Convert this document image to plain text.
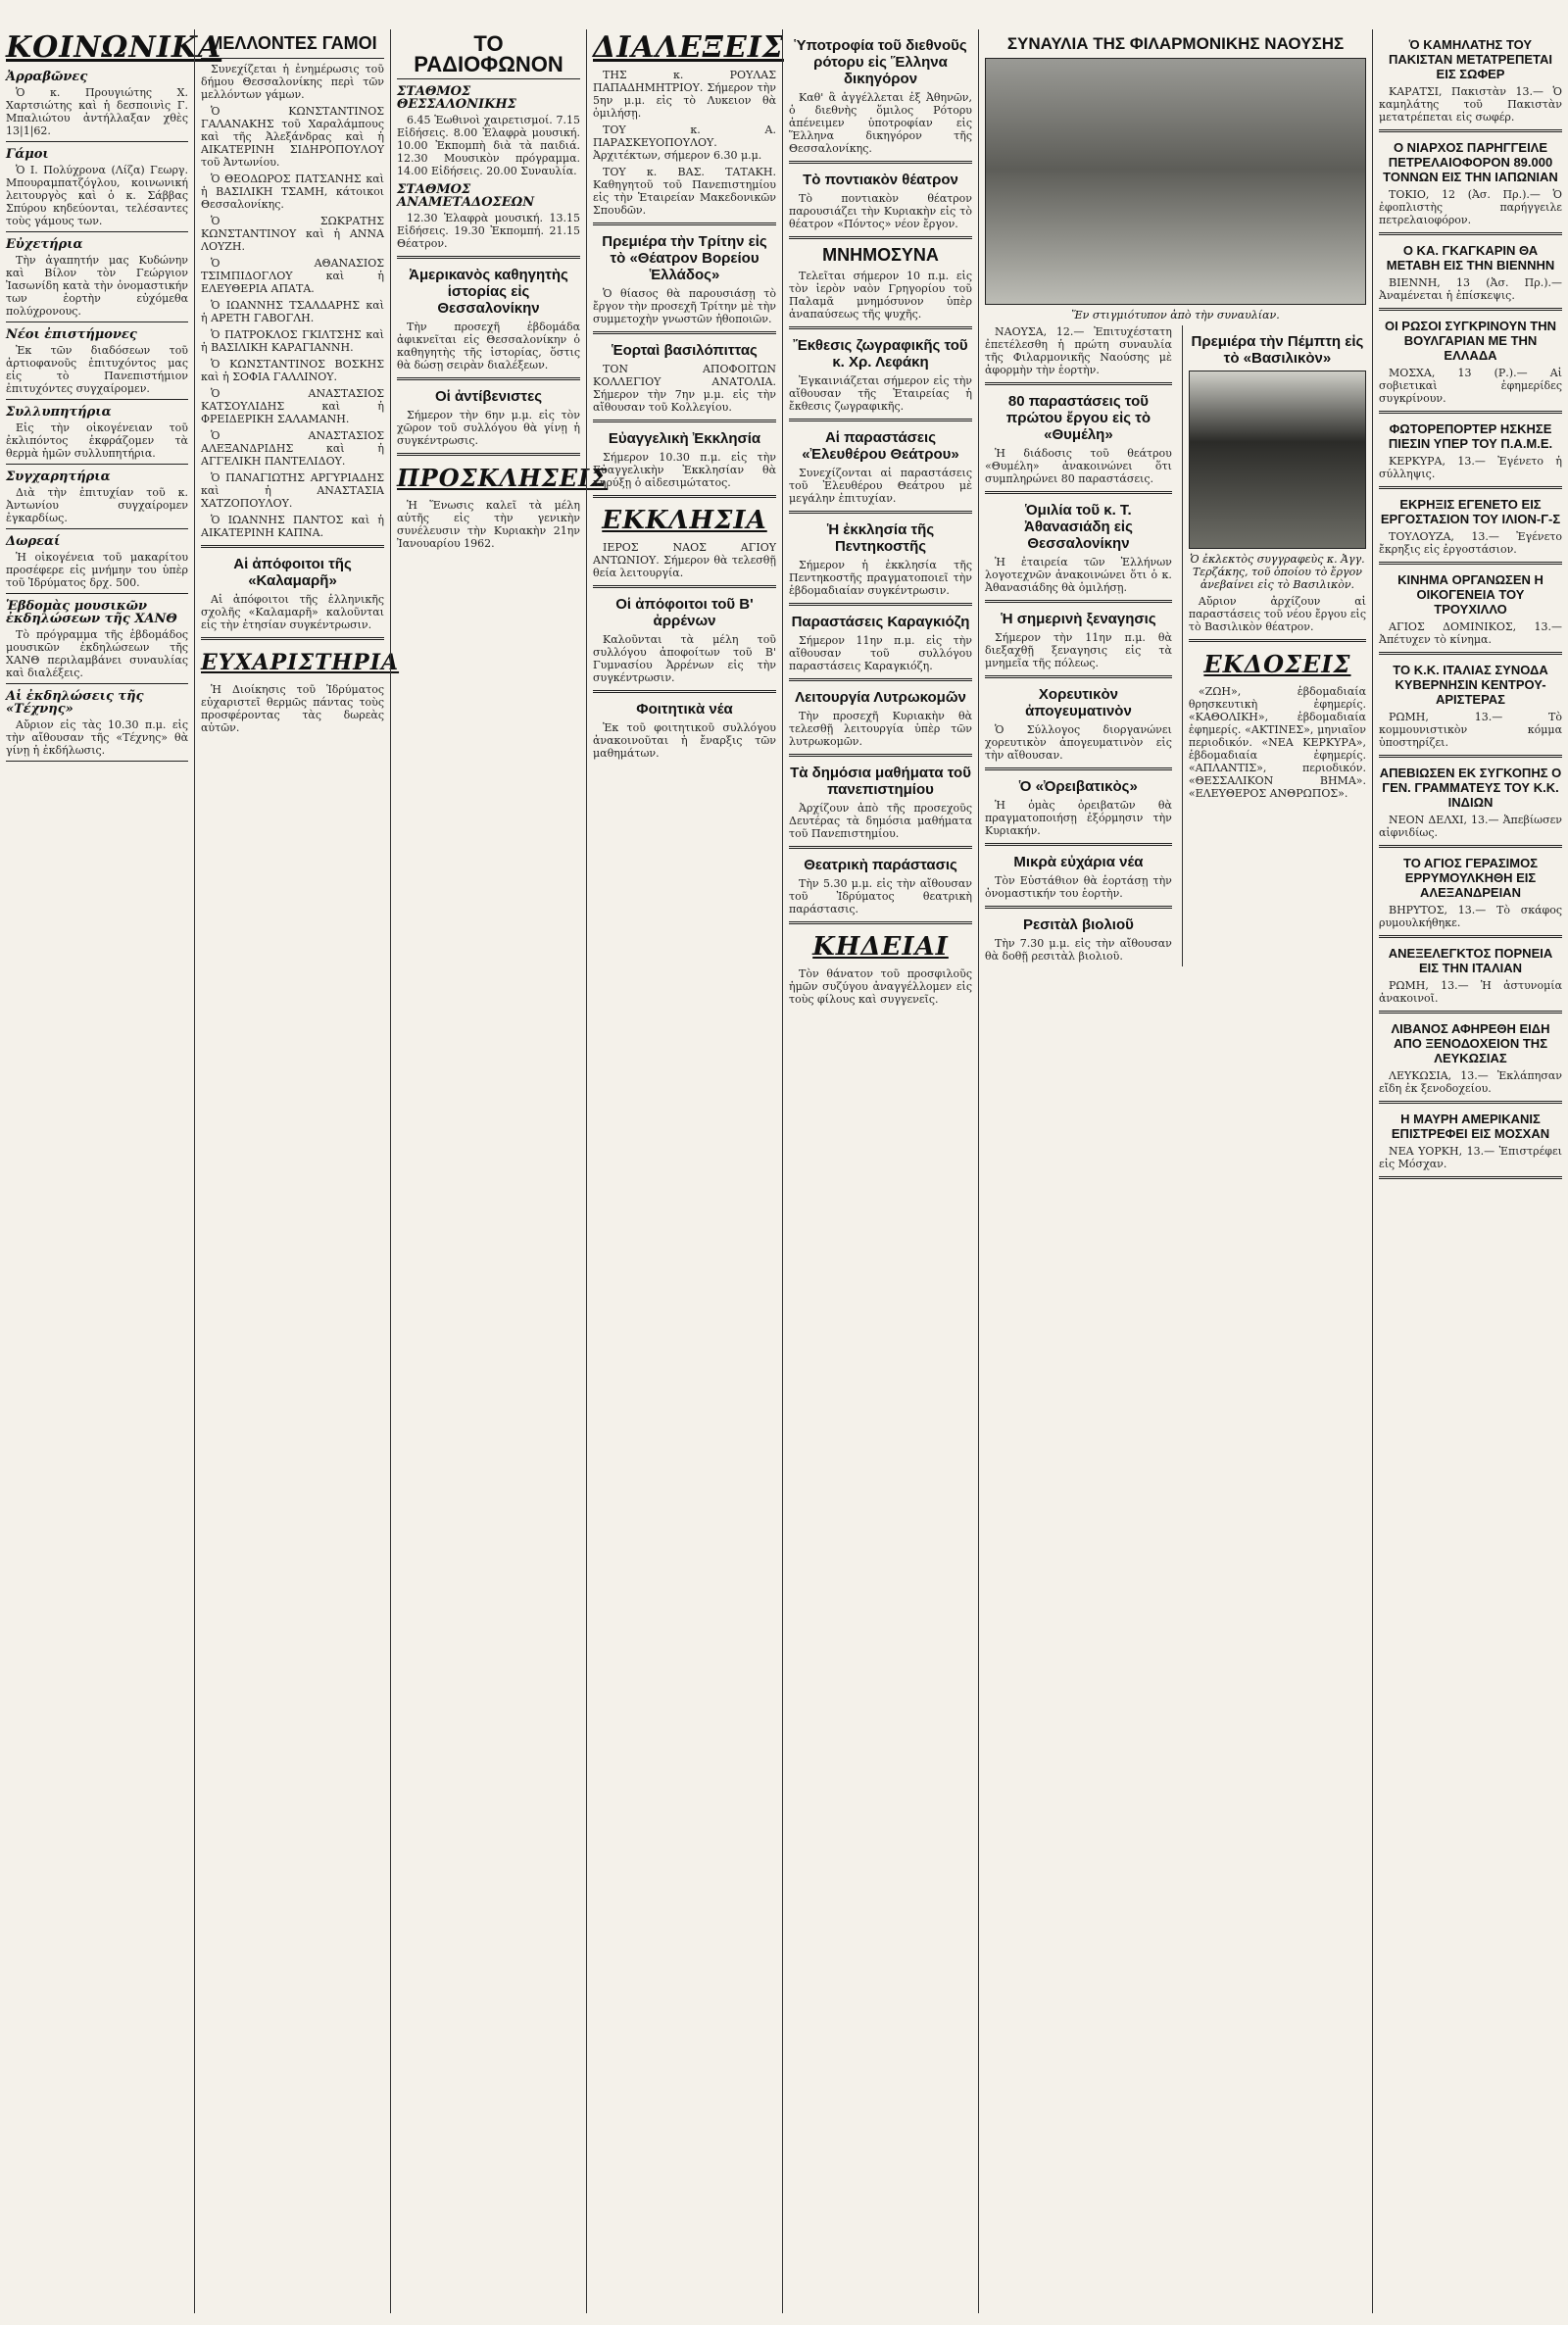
ΚΟΙΝΩΝΙΚΑ
Ἀρραβῶνες

Ὁ κ. Προυγιώτης Χ. Χαρτσιώτης καὶ ἡ δεσποινὶς Γ. Μπαλιώτου ἀντήλλαξαν χθὲς 13|1|62.

Γάμοι

Ὁ Ι. Πολύχρονα (Λίζα) Γεωργ. Μπουραμπατζόγλου, κοινωνική λειτουργὸς καὶ ὁ κ. Σάββας Σπύρου κηδεύονται, τελέσαντες τοὺς γάμους των.

Εὐχετήρια

Τὴν ἀγαπητήν μας Κυδώνην καὶ Βίλον τὸν Γεώργιον Ἰασωνίδη κατὰ τὴν ὀνομαστικήν των ἑορτὴν εὐχόμεθα πολύχρονους.

Νέοι ἐπιστήμονες

Ἐκ τῶν διαδόσεων τοῦ ἀρτιοφανοῦς ἐπιτυχόντος μας εἰς τὸ Πανεπιστήμιον ἐπιτυχόντες συγχαίρομεν.

Συλλυπητήρια

Εἰς τὴν οἰκογένειαν τοῦ ἐκλιπόντος ἐκφράζομεν τὰ θερμὰ ἡμῶν συλλυπητήρια.

Συγχαρητήρια

Διὰ τὴν ἐπιτυχίαν τοῦ κ. Ἀντωνίου συγχαίρομεν ἐγκαρδίως.

Δωρεαί

Ἡ οἰκογένεια τοῦ μακαρίτου προσέφερε εἰς μνήμην του ὑπὲρ τοῦ Ἰδρύματος δρχ. 500.

Ἑβδομὰς μουσικῶν ἐκδηλώσεων τῆς ΧΑΝΘ

Τὸ πρόγραμμα τῆς ἑβδομάδος μουσικῶν ἐκδηλώσεων τῆς ΧΑΝΘ περιλαμβάνει συναυλίας καὶ διαλέξεις.

Αἱ ἐκδηλώσεις τῆς «Τέχνης»

Αὔριον εἰς τὰς 10.30 π.μ. εἰς τὴν αἴθουσαν τῆς «Τέχνης» θὰ γίνῃ ἡ ἐκδήλωσις.

ΜΕΛΛΟΝΤΕΣ ΓΑΜΟΙ

Συνεχίζεται ἡ ἐνημέρωσις τοῦ δήμου Θεσσαλονίκης περὶ τῶν μελλόντων γάμων.

Ὁ ΚΩΝΣΤΑΝΤΙΝΟΣ ΓΑΛΑΝΑΚΗΣ τοῦ Χαραλάμπους καὶ τῆς Ἀλεξάνδρας καὶ ἡ ΑΙΚΑΤΕΡΙΝΗ ΣΙΔΗΡΟΠΟΥΛΟΥ τοῦ Ἀντωνίου.

Ὁ ΘΕΟΔΩΡΟΣ ΠΑΤΣΑΝΗΣ καὶ ἡ ΒΑΣΙΛΙΚΗ ΤΣΑΜΗ, κάτοικοι Θεσσαλονίκης.

Ὁ ΣΩΚΡΑΤΗΣ ΚΩΝΣΤΑΝΤΙΝΟΥ καὶ ἡ ΑΝΝΑ ΛΟΥΖΗ.

Ὁ ΑΘΑΝΑΣΙΟΣ ΤΣΙΜΠΙΔΟΓΛΟΥ καὶ ἡ ΕΛΕΥΘΕΡΙΑ ΑΠΑΤΑ.

Ὁ ΙΩΑΝΝΗΣ ΤΣΑΛΔΑΡΗΣ καὶ ἡ ΑΡΕΤΗ ΓΑΒΟΓΛΗ.

Ὁ ΠΑΤΡΟΚΛΟΣ ΓΚΙΛΤΣΗΣ καὶ ἡ ΒΑΣΙΛΙΚΗ ΚΑΡΑΓΙΑΝΝΗ.

Ὁ ΚΩΝΣΤΑΝΤΙΝΟΣ ΒΟΣΚΗΣ καὶ ἡ ΣΟΦΙΑ ΓΑΛΛΙΝΟΥ.

Ὁ ΑΝΑΣΤΑΣΙΟΣ ΚΑΤΣΟΥΛΙΔΗΣ καὶ ἡ ΦΡΕΙΔΕΡΙΚΗ ΣΑΛΑΜΑΝΗ.

Ὁ ΑΝΑΣΤΑΣΙΟΣ ΑΛΕΞΑΝΔΡΙΔΗΣ καὶ ἡ ΑΓΓΕΛΙΚΗ ΠΑΝΤΕΛΙΔΟΥ.

Ὁ ΠΑΝΑΓΙΩΤΗΣ ΑΡΓΥΡΙΑΔΗΣ καὶ ἡ ΑΝΑΣΤΑΣΙΑ ΧΑΤΖΟΠΟΥΛΟΥ.

Ὁ ΙΩΑΝΝΗΣ ΠΑΝΤΟΣ καὶ ἡ ΑΙΚΑΤΕΡΙΝΗ ΚΑΠΝΑ.

Αἱ ἀπόφοιτοι τῆς «Καλαμαρῆ»

Αἱ ἀπόφοιτοι τῆς ἑλληνικῆς σχολῆς «Καλαμαρῆ» καλοῦνται εἰς τὴν ἐτησίαν συγκέντρωσιν.

ΕΥΧΑΡΙΣΤΗΡΙΑ

Ἡ Διοίκησις τοῦ Ἱδρύματος εὐχαριστεῖ θερμῶς πάντας τοὺς προσφέροντας τὰς δωρεὰς αὐτῶν.

ΤΟ ΡΑΔΙΟΦΩΝΟΝ
ΣΤΑΘΜΟΣ ΘΕΣΣΑΛΟΝΙΚΗΣ

6.45 Ἑωθινοὶ χαιρετισμοί. 7.15 Εἰδήσεις. 8.00 Ἐλαφρὰ μουσική. 10.00 Ἐκπομπὴ διὰ τὰ παιδιά. 12.30 Μουσικὸν πρόγραμμα. 14.00 Εἰδήσεις. 20.00 Συναυλία.

ΣΤΑΘΜΟΣ ΑΝΑΜΕΤΑΔΟΣΕΩΝ

12.30 Ἑλαφρὰ μουσική. 13.15 Εἰδήσεις. 19.30 Ἐκπομπή. 21.15 Θέατρον.

Ἀμερικανὸς καθηγητὴς ἱστορίας εἰς Θεσσαλονίκην

Τὴν προσεχῆ ἑβδομάδα ἀφικνεῖται εἰς Θεσσαλονίκην ὁ καθηγητὴς τῆς ἱστορίας, ὅστις θὰ δώσῃ σειρὰν διαλέξεων.

Οἱ ἀντίβενιστες

Σήμερον τὴν 6ην μ.μ. εἰς τὸν χῶρον τοῦ συλλόγου θὰ γίνῃ ἡ συγκέντρωσις.

ΠΡΟΣΚΛΗΣΕΙΣ

Ἡ Ἕνωσις καλεῖ τὰ μέλη αὐτῆς εἰς τὴν γενικὴν συνέλευσιν τὴν Κυριακὴν 21ην Ἰανουαρίου 1962.

ΔΙΑΛΕΞΕΙΣ

ΤΗΣ κ. ΡΟΥΛΑΣ ΠΑΠΑΔΗΜΗΤΡΙΟΥ. Σήμερον τὴν 5ην μ.μ. εἰς τὸ Λυκειον θὰ ὁμιλήσῃ.

ΤΟΥ κ. Α. ΠΑΡΑΣΚΕΥΟΠΟΥΛΟΥ. Ἀρχιτέκτων, σήμερον 6.30 μ.μ.

ΤΟΥ κ. ΒΑΣ. ΤΑΤΑΚΗ. Καθηγητοῦ τοῦ Πανεπιστημίου εἰς τὴν Ἑταιρείαν Μακεδονικῶν Σπουδῶν.

Πρεμιέρα τὴν Τρίτην εἰς τὸ «Θέατρον Βορείου Ἑλλάδος»

Ὁ θίασος θὰ παρουσιάσῃ τὸ ἔργον τὴν προσεχῆ Τρίτην μὲ τὴν συμμετοχὴν γνωστῶν ἠθοποιῶν.

Ἑορταὶ βασιλόπιττας

ΤΟΝ ΑΠΟΦΟΙΤΩΝ ΚΟΛΛΕΓΙΟΥ ΑΝΑΤΟΛΙΑ. Σήμερον τὴν 7ην μ.μ. εἰς τὴν αἴθουσαν τοῦ Κολλεγίου.

Εὐαγγελικὴ Ἐκκλησία

Σήμερον 10.30 π.μ. εἰς τὴν Εὐαγγελικὴν Ἐκκλησίαν θὰ κηρύξῃ ὁ αἰδεσιμώτατος.

ΕΚΚΛΗΣΙΑ

ΙΕΡΟΣ ΝΑΟΣ ΑΓΙΟΥ ΑΝΤΩΝΙΟΥ. Σήμερον θὰ τελεσθῇ θεία λειτουργία.

Οἱ ἀπόφοιτοι τοῦ Β' ἀρρένων

Καλοῦνται τὰ μέλη τοῦ συλλόγου ἀποφοίτων τοῦ Β' Γυμνασίου Ἀρρένων εἰς τὴν συγκέντρωσιν.

Φοιτητικὰ νέα

Ἐκ τοῦ φοιτητικοῦ συλλόγου ἀνακοινοῦται ἡ ἔναρξις τῶν μαθημάτων.

Ὑποτροφία τοῦ διεθνοῦς ρότορυ εἰς Ἕλληνα δικηγόρον

Καθ' ἃ ἀγγέλλεται ἐξ Ἀθηνῶν, ὁ διεθνὴς ὅμιλος Ρότορυ ἀπένειμεν ὑποτροφίαν εἰς Ἕλληνα δικηγόρον τῆς Θεσσαλονίκης.

Τὸ ποντιακὸν θέατρον

Τὸ ποντιακὸν θέατρον παρουσιάζει τὴν Κυριακὴν εἰς τὸ θέατρον «Πόντος» νέον ἔργον.

ΜΝΗΜΟΣΥΝΑ

Τελεῖται σήμερον 10 π.μ. εἰς τὸν ἱερὸν ναὸν Γρηγορίου τοῦ Παλαμᾶ μνημόσυνον ὑπὲρ ἀναπαύσεως τῆς ψυχῆς.

Ἔκθεσις ζωγραφικῆς τοῦ κ. Χρ. Λεφάκη

Ἐγκαινιάζεται σήμερον εἰς τὴν αἴθουσαν τῆς Ἑταιρείας ἡ ἔκθεσις ζωγραφικῆς.

Αἱ παραστάσεις «Ἐλευθέρου Θεάτρου»

Συνεχίζονται αἱ παραστάσεις τοῦ Ἐλευθέρου Θεάτρου μὲ μεγάλην ἐπιτυχίαν.

Ἡ ἐκκλησία τῆς Πεντηκοστῆς

Σήμερον ἡ ἐκκλησία τῆς Πεντηκοστῆς πραγματοποιεῖ τὴν ἑβδομαδιαίαν συγκέντρωσιν.

Παραστάσεις Καραγκιόζη

Σήμερον 11ην π.μ. εἰς τὴν αἴθουσαν τοῦ συλλόγου παραστάσεις Καραγκιόζη.

Λειτουργία Λυτρωκομῶν

Τὴν προσεχῆ Κυριακὴν θὰ τελεσθῇ λειτουργία ὑπὲρ τῶν λυτρωκομῶν.

Τὰ δημόσια μαθήματα τοῦ πανεπιστημίου

Ἀρχίζουν ἀπὸ τῆς προσεχοῦς Δευτέρας τὰ δημόσια μαθήματα τοῦ Πανεπιστημίου.

Θεατρικὴ παράστασις

Τὴν 5.30 μ.μ. εἰς τὴν αἴθουσαν τοῦ Ἰδρύματος θεατρικὴ παράστασις.

ΚΗΔΕΙΑΙ

Τὸν θάνατον τοῦ προσφιλοῦς ἡμῶν συζύγου ἀναγγέλλομεν εἰς τοὺς φίλους καὶ συγγενεῖς.

ΣΥΝΑΥΛΙΑ ΤΗΣ ΦΙΛΑΡΜΟΝΙΚΗΣ ΝΑΟΥΣΗΣ
Ἕν στιγμιότυπον ἀπὸ τὴν συναυλίαν.

ΝΑΟΥΣΑ, 12.— Ἐπιτυχέστατη ἐπετέλεσθη ἡ πρώτη συναυλία τῆς Φιλαρμονικῆς Ναούσης μὲ ἀφορμὴν τὴν ἑορτὴν.

80 παραστάσεις τοῦ πρώτου ἔργου εἰς τὸ «Θυμέλη»

Ἡ διάδοσις τοῦ θεάτρου «Θυμέλη» ἀνακοινώνει ὅτι συμπληρώνει 80 παραστάσεις.

Ὁμιλία τοῦ κ. Τ. Ἀθανασιάδη εἰς Θεσσαλονίκην

Ἡ ἐταιρεία τῶν Ἑλλήνων λογοτεχνῶν ἀνακοινώνει ὅτι ὁ κ. Ἀθανασιάδης θὰ ὁμιλήσῃ.

Ἡ σημερινὴ ξεναγησις

Σήμερον τὴν 11ην π.μ. θὰ διεξαχθῇ ξεναγησις εἰς τὰ μνημεῖα τῆς πόλεως.

Χορευτικὸν ἀπογευματινὸν

Ὁ Σύλλογος διοργανώνει χορευτικὸν ἀπογευματινὸν εἰς τὴν αἴθουσαν.

Ὁ «Ὀρειβατικὸς»

Ἡ ὁμὰς ὀρειβατῶν θὰ πραγματοποιήσῃ ἐξόρμησιν τὴν Κυριακήν.

Μικρὰ εὐχάρια νέα

Τὸν Εὐστάθιον θὰ ἑορτάσῃ τὴν ὀνομαστικήν του ἑορτὴν.

Ρεσιτὰλ βιολιοῦ

Τὴν 7.30 μ.μ. εἰς τὴν αἴθουσαν θὰ δοθῇ ρεσιτὰλ βιολιοῦ.

Πρεμιέρα τὴν Πέμπτη εἰς τὸ «Βασιλικὸν»
Ὁ ἐκλεκτὸς συγγραφεὺς κ. Ἀγγ. Τερζάκης, τοῦ ὁποίου τὸ ἔργον ἀνεβαίνει εἰς τὸ Βασιλικὸν.

Αὔριον ἀρχίζουν αἱ παραστάσεις τοῦ νέου ἔργου εἰς τὸ Βασιλικὸν θέατρον.

ΕΚΔΟΣΕΙΣ

«ΖΩΗ», ἑβδομαδιαία θρησκευτικὴ ἐφημερίς. «ΚΑΘΟΛΙΚΗ», ἑβδομαδιαία ἐφημερίς. «ΑΚΤΙΝΕΣ», μηνιαῖον περιοδικόν. «ΝΕΑ ΚΕΡΚΥΡΑ», ἑβδομαδιαία ἐφημερίς. «ΑΠΛΑΝΤΙΣ», περιοδικόν. «ΘΕΣΣΑΛΙΚΟΝ ΒΗΜΑ». «ΕΛΕΥΘΕΡΟΣ ΑΝΘΡΩΠΟΣ».

Ὁ ΚΑΜΗΛΑΤΗΣ ΤΟΥ ΠΑΚΙΣΤΑΝ ΜΕΤΑΤΡΕΠΕΤΑΙ ΕΙΣ ΣΩΦΕΡ

ΚΑΡΑΤΣΙ, Πακιστὰν 13.— Ὁ καμηλάτης τοῦ Πακιστὰν μετατρέπεται εἰς σωφέρ.

Ο ΝΙΑΡΧΟΣ ΠΑΡΗΓΓΕΙΛΕ ΠΕΤΡΕΛΑΙΟΦΟΡΟΝ 89.000 ΤΟΝΝΩΝ ΕΙΣ ΤΗΝ ΙΑΠΩΝΙΑΝ

ΤΟΚΙΟ, 12 (Ἀσ. Πρ.).— Ὁ ἐφοπλιστὴς παρήγγειλε πετρελαιοφόρον.

Ο ΚΑ. ΓΚΑΓΚΑΡΙΝ ΘΑ ΜΕΤΑΒΗ ΕΙΣ ΤΗΝ ΒΙΕΝΝΗΝ

ΒΙΕΝΝΗ, 13 (Ἀσ. Πρ.).— Ἀναμένεται ἡ ἐπίσκεψις.

ΟΙ ΡΩΣΟΙ ΣΥΓΚΡΙΝΟΥΝ ΤΗΝ ΒΟΥΛΓΑΡΙΑΝ ΜΕ ΤΗΝ ΕΛΛΑΔΑ

ΜΟΣΧΑ, 13 (Ρ.).— Αἱ σοβιετικαὶ ἐφημερίδες συγκρίνουν.

ΦΩΤΟΡΕΠΟΡΤΕΡ ΗΣΚΗΣΕ ΠΙΕΣΙΝ ΥΠΕΡ ΤΟΥ Π.Α.Μ.Ε.

ΚΕΡΚΥΡΑ, 13.— Ἐγένετο ἡ σύλληψις.

ΕΚΡΗΞΙΣ ΕΓΕΝΕΤΟ ΕΙΣ ΕΡΓΟΣΤΑΣΙΟΝ ΤΟΥ ΙΛΙΟΝ-Γ-Σ

ΤΟΥΛΟΥΖΑ, 13.— Ἐγένετο ἔκρηξις εἰς ἐργοστάσιον.

ΚΙΝΗΜΑ ΟΡΓΑΝΩΣΕΝ Η ΟΙΚΟΓΕΝΕΙΑ ΤΟΥ ΤΡΟΥΧΙΛΛΟ

ΑΓΙΟΣ ΔΟΜΙΝΙΚΟΣ, 13.— Ἀπέτυχεν τὸ κίνημα.

ΤΟ Κ.Κ. ΙΤΑΛΙΑΣ ΣΥΝΟΔΑ ΚΥΒΕΡΝΗΣΙΝ ΚΕΝΤΡΟΥ-ΑΡΙΣΤΕΡΑΣ

ΡΩΜΗ, 13.— Τὸ κομμουνιστικὸν κόμμα ὑποστηρίζει.

ΑΠΕΒΙΩΣΕΝ ΕΚ ΣΥΓΚΟΠΗΣ Ο ΓΕΝ. ΓΡΑΜΜΑΤΕΥΣ ΤΟΥ Κ.Κ. ΙΝΔΙΩΝ

ΝΕΟΝ ΔΕΛΧΙ, 13.— Ἀπεβίωσεν αἰφνιδίως.

ΤΟ ΑΓΙΟΣ ΓΕΡΑΣΙΜΟΣ ΕΡΡΥΜΟΥΛΚΗΘΗ ΕΙΣ ΑΛΕΞΑΝΔΡΕΙΑΝ

ΒΗΡΥΤΟΣ, 13.— Τὸ σκάφος ρυμουλκήθηκε.

ΑΝΕΞΕΛΕΓΚΤΟΣ ΠΟΡΝΕΙΑ ΕΙΣ ΤΗΝ ΙΤΑΛΙΑΝ

ΡΩΜΗ, 13.— Ἡ ἀστυνομία ἀνακοινοῖ.

ΛΙΒΑΝΟΣ ΑΦΗΡΕΘΗ ΕΙΔΗ ΑΠΟ ΞΕΝΟΔΟΧΕΙΟΝ ΤΗΣ ΛΕΥΚΩΣΙΑΣ

ΛΕΥΚΩΣΙΑ, 13.— Ἐκλάπησαν εἴδη ἐκ ξενοδοχείου.

Η ΜΑΥΡΗ ΑΜΕΡΙΚΑΝΙΣ ΕΠΙΣΤΡΕΦΕΙ ΕΙΣ ΜΟΣΧΑΝ

ΝΕΑ ΥΟΡΚΗ, 13.— Ἐπιστρέφει εἰς Μόσχαν.
